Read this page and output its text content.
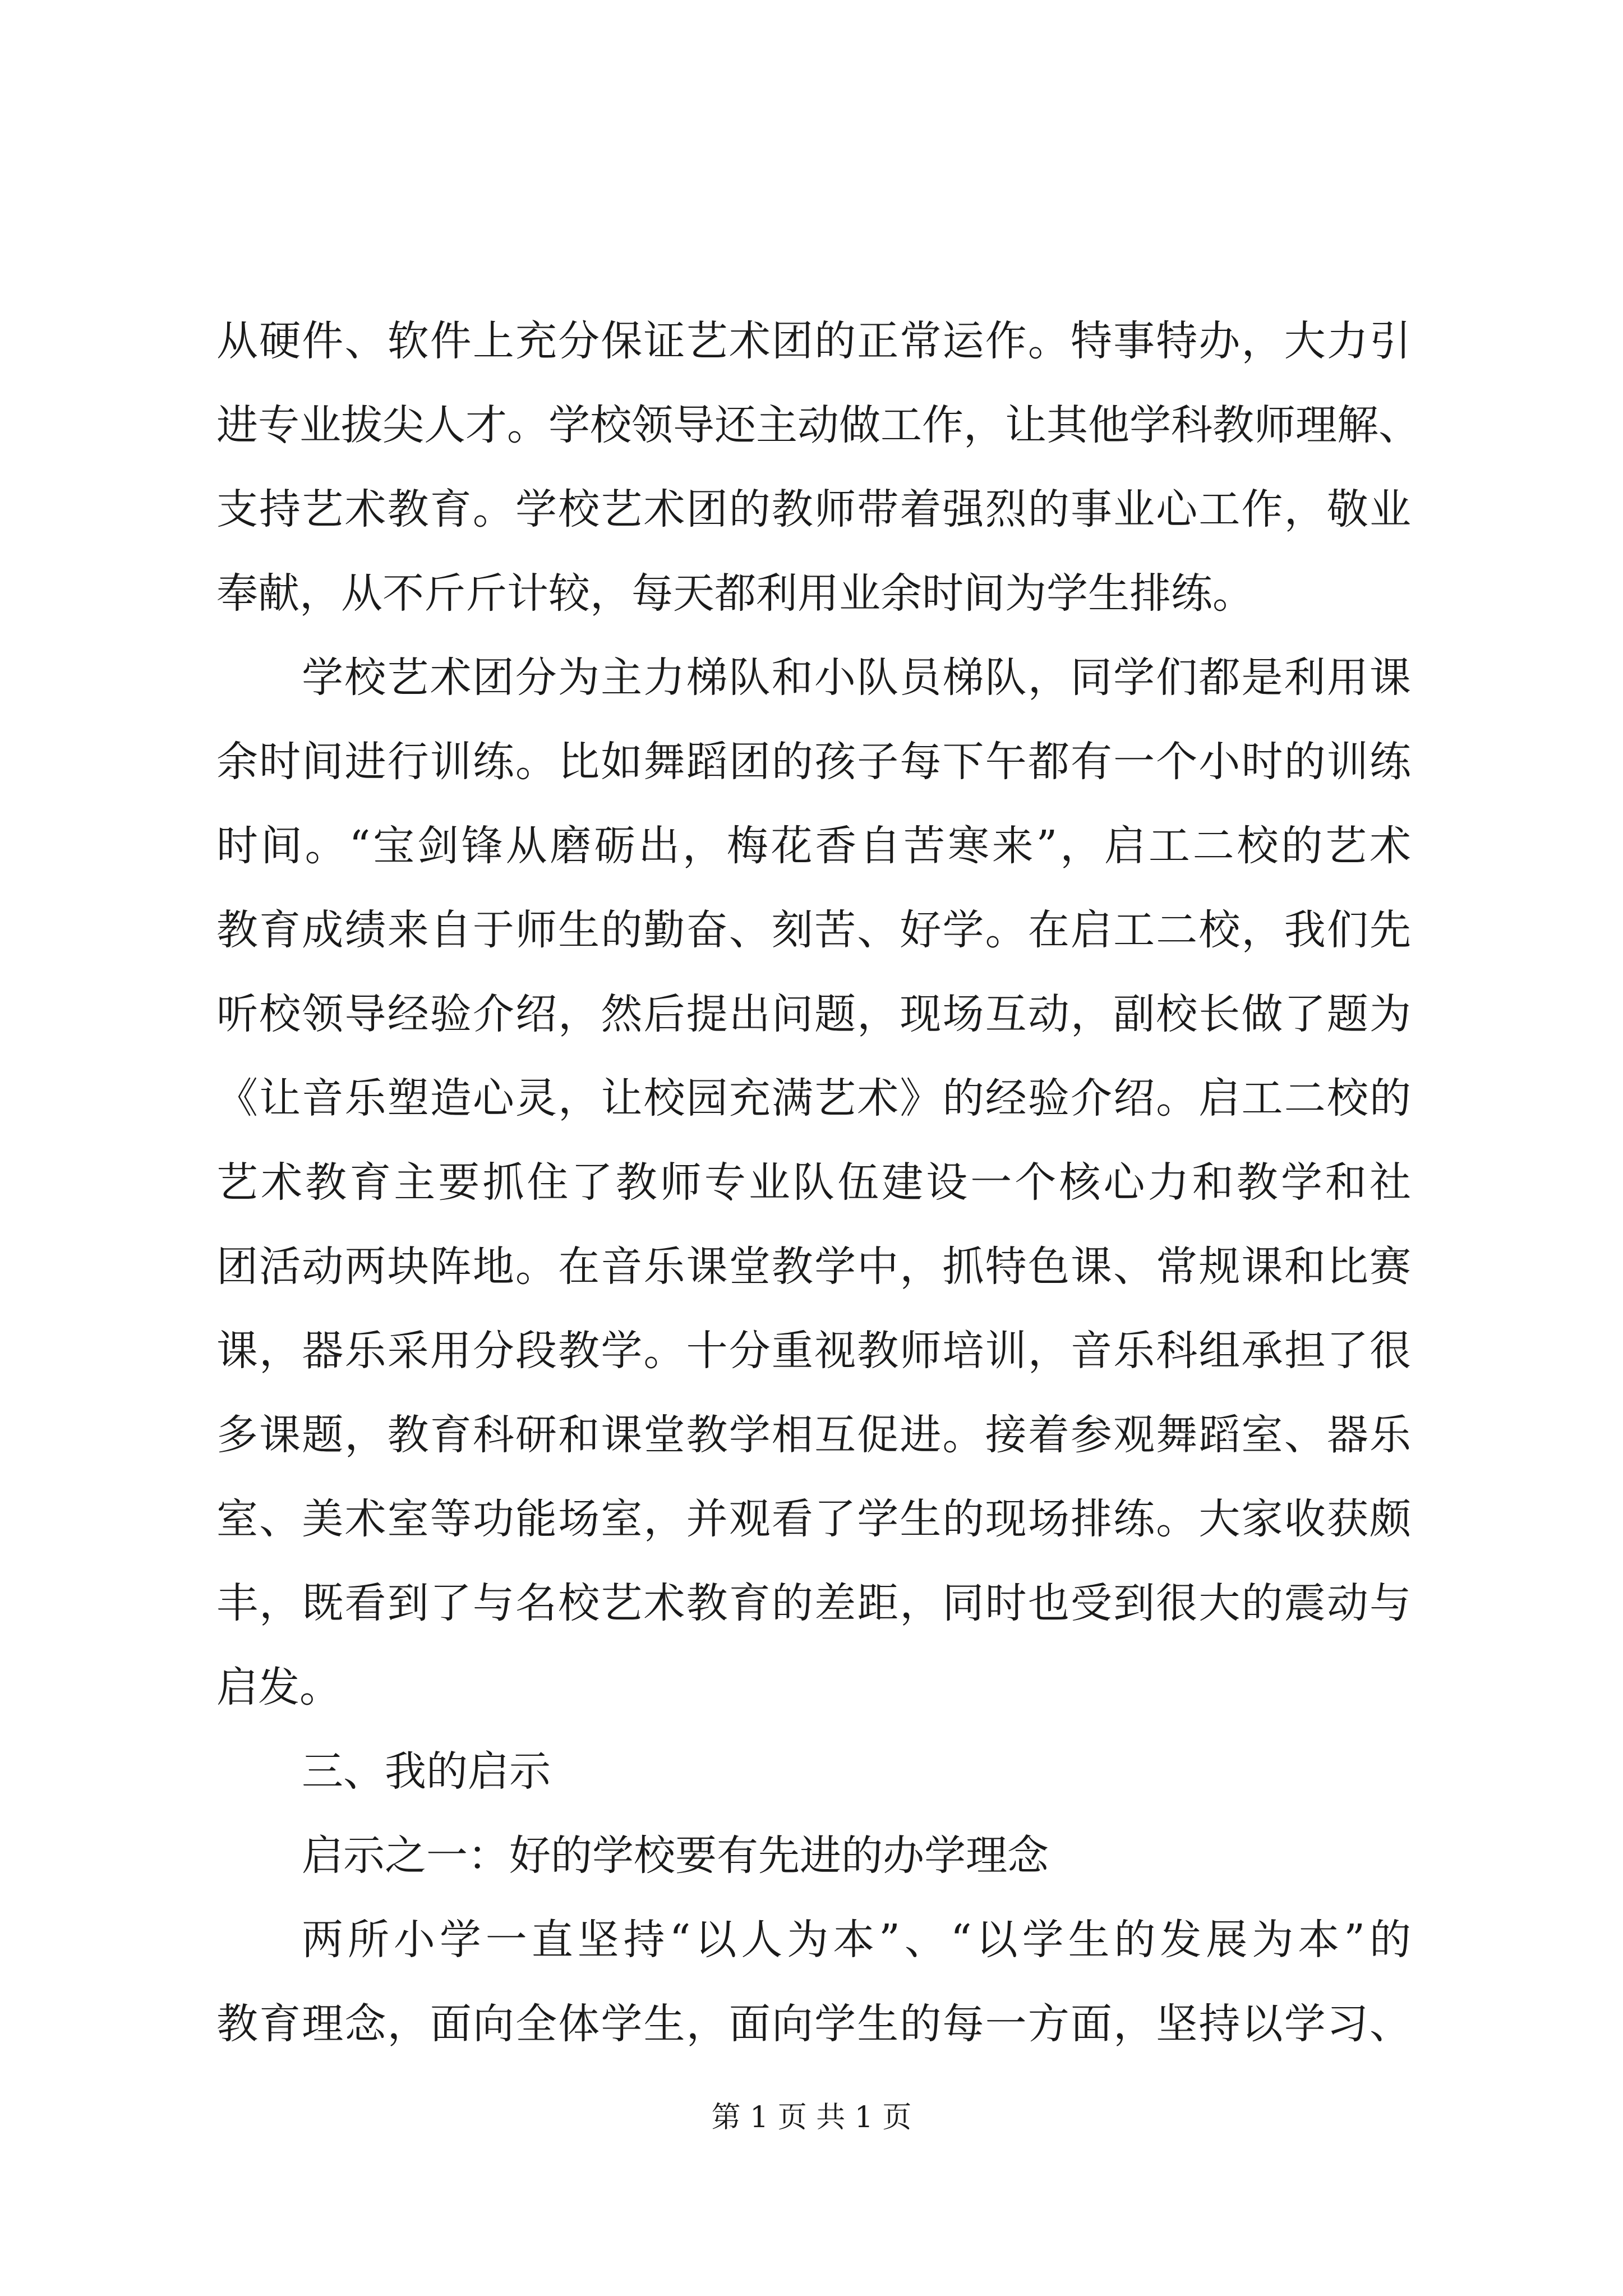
从硬件、软件上充分保证艺术团的正常运作。特事特办，大力引
进专业拔尖人才。学校领导还主动做工作，让其他学科教师理解、
支持艺术教育。学校艺术团的教师带着强烈的事业心工作，敬业
奉献，从不斤斤计较，每天都利用业余时间为学生排练。
学校艺术团分为主力梯队和小队员梯队，同学们都是利用课
余时间进行训练。比如舞蹈团的孩子每下午都有一个小时的训练
时间。“宝剑锋从磨砺出，梅花香自苦寒来”，启工二校的艺术
教育成绩来自于师生的勤奋、刻苦、好学。在启工二校，我们先
听校领导经验介绍，然后提出问题，现场互动，副校长做了题为
《让音乐塑造心灵，让校园充满艺术》的经验介绍。启工二校的
艺术教育主要抓住了教师专业队伍建设一个核心力和教学和社
团活动两块阵地。在音乐课堂教学中，抓特色课、常规课和比赛
课，器乐采用分段教学。十分重视教师培训，音乐科组承担了很
多课题，教育科研和课堂教学相互促进。接着参观舞蹈室、器乐
室、美术室等功能场室，并观看了学生的现场排练。大家收获颇
丰，既看到了与名校艺术教育的差距，同时也受到很大的震动与
启发。
三、我的启示
启示之一：好的学校要有先进的办学理念
两所小学一直坚持“以人为本”、“以学生的发展为本”的
教育理念，面向全体学生，面向学生的每一方面，坚持以学习、
第 1 页 共 1 页
